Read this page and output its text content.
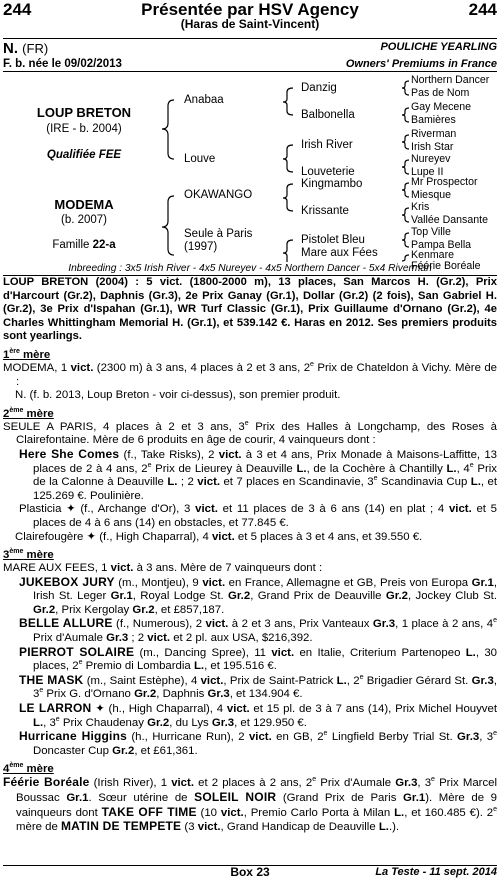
244	Présentée par HSV Agency	244
(Haras de Saint-Vincent)
N. (FR)
F. b. née le 09/02/2013
POULICHE YEARLING
Owners' Premiums in France
LOUP BRETON
(IRE - b. 2004)
Qualifiée FEE
MODEMA
(b. 2007)
Famille 22-a
Anabaa
Louve
OKAWANGO
Seule à Paris
(1997)
Danzig
Balbonella
Irish River
Louveterie
Kingmambo
Krissante
Pistolet Bleu
Mare aux Fées
Northern Dancer
Pas de Nom
Gay Mecene
Bamières
Riverman
Irish Star
Nureyev
Lupe II
Mr Prospector
Miesque
Kris
Vallée Dansante
Top Ville
Pampa Bella
Kenmare
Féérie Boréale
Inbreeding : 3x5 Irish River - 4x5 Nureyev - 4x5 Northern Dancer - 5x4 Riverman
LOUP BRETON (2004) : 5 vict. (1800-2000 m), 13 places, San Marcos H. (Gr.2), Prix d'Harcourt (Gr.2), Daphnis (Gr.3), 2e Prix Ganay (Gr.1), Dollar (Gr.2) (2 fois), San Gabriel H. (Gr.2), 3e Prix d'Ispahan (Gr.1), WR Turf Classic (Gr.1), Prix Guillaume d'Ornano (Gr.2), 4e Charles Whittingham Memorial H. (Gr.1), et 539.142 €. Haras en 2012. Ses premiers produits sont yearlings.
1ère mère
MODEMA, 1 vict. (2300 m) à 3 ans, 4 places à 2 et 3 ans, 2e Prix de Chateldon à Vichy. Mère de :
N. (f. b. 2013, Loup Breton - voir ci-dessus), son premier produit.
2ème mère
SEULE A PARIS, 4 places à 2 et 3 ans, 3e Prix des Halles à Longchamp, des Roses à Clairefontaine. Mère de 6 produits en âge de courir, 4 vainqueurs dont :
Here She Comes (f., Take Risks), 2 vict. à 3 et 4 ans, Prix Monade à Maisons-Laffitte, 13 places de 2 à 4 ans, 2e Prix de Lieurey à Deauville L., de la Cochère à Chantilly L., 4e Prix de la Calonne à Deauville L. ; 2 vict. et 7 places en Scandinavie, 3e Scandinavia Cup L., et 125.269 €. Poulinière.
Plasticia ✦ (f., Archange d'Or), 3 vict. et 11 places de 3 à 6 ans (14) en plat ; 4 vict. et 5 places de 4 à 6 ans (14) en obstacles, et 77.845 €.
Clairefougère ✦ (f., High Chaparral), 4 vict. et 5 places à 3 et 4 ans, et 39.550 €.
3ème mère
MARE AUX FEES, 1 vict. à 3 ans. Mère de 7 vainqueurs dont :
JUKEBOX JURY (m., Montjeu), 9 vict. en France, Allemagne et GB, Preis von Europa Gr.1, Irish St. Leger Gr.1, Royal Lodge St. Gr.2, Grand Prix de Deauville Gr.2, Jockey Club St. Gr.2, Prix Kergolay Gr.2, et £857,187.
BELLE ALLURE (f., Numerous), 2 vict. à 2 et 3 ans, Prix Vanteaux Gr.3, 1 place à 2 ans, 4e Prix d'Aumale Gr.3 ; 2 vict. et 2 pl. aux USA, $216,392.
PIERROT SOLAIRE (m., Dancing Spree), 11 vict. en Italie, Criterium Partenopeo L., 30 places, 2e Premio di Lombardia L., et 195.516 €.
THE MASK (m., Saint Estèphe), 4 vict., Prix de Saint-Patrick L., 2e Brigadier Gérard St. Gr.3, 3e Prix G. d'Ornano Gr.2, Daphnis Gr.3, et 134.904 €.
LE LARRON ✦ (h., High Chaparral), 4 vict. et 15 pl. de 3 à 7 ans (14), Prix Michel Houyvet L., 3e Prix Chaudenay Gr.2, du Lys Gr.3, et 129.950 €.
Hurricane Higgins (h., Hurricane Run), 2 vict. en GB, 2e Lingfield Berby Trial St. Gr.3, 3e Doncaster Cup Gr.2, et £61,361.
4ème mère
Féérie Boréale (Irish River), 1 vict. et 2 places à 2 ans, 2e Prix d'Aumale Gr.3, 3e Prix Marcel Boussac Gr.1. Sœur utérine de SOLEIL NOIR (Grand Prix de Paris Gr.1). Mère de 9 vainqueurs dont TAKE OFF TIME (10 vict., Premio Carlo Porta à Milan L., et 160.485 €). 2e mère de MATIN DE TEMPETE (3 vict., Grand Handicap de Deauville L..).
Box 23	La Teste - 11 sept. 2014
